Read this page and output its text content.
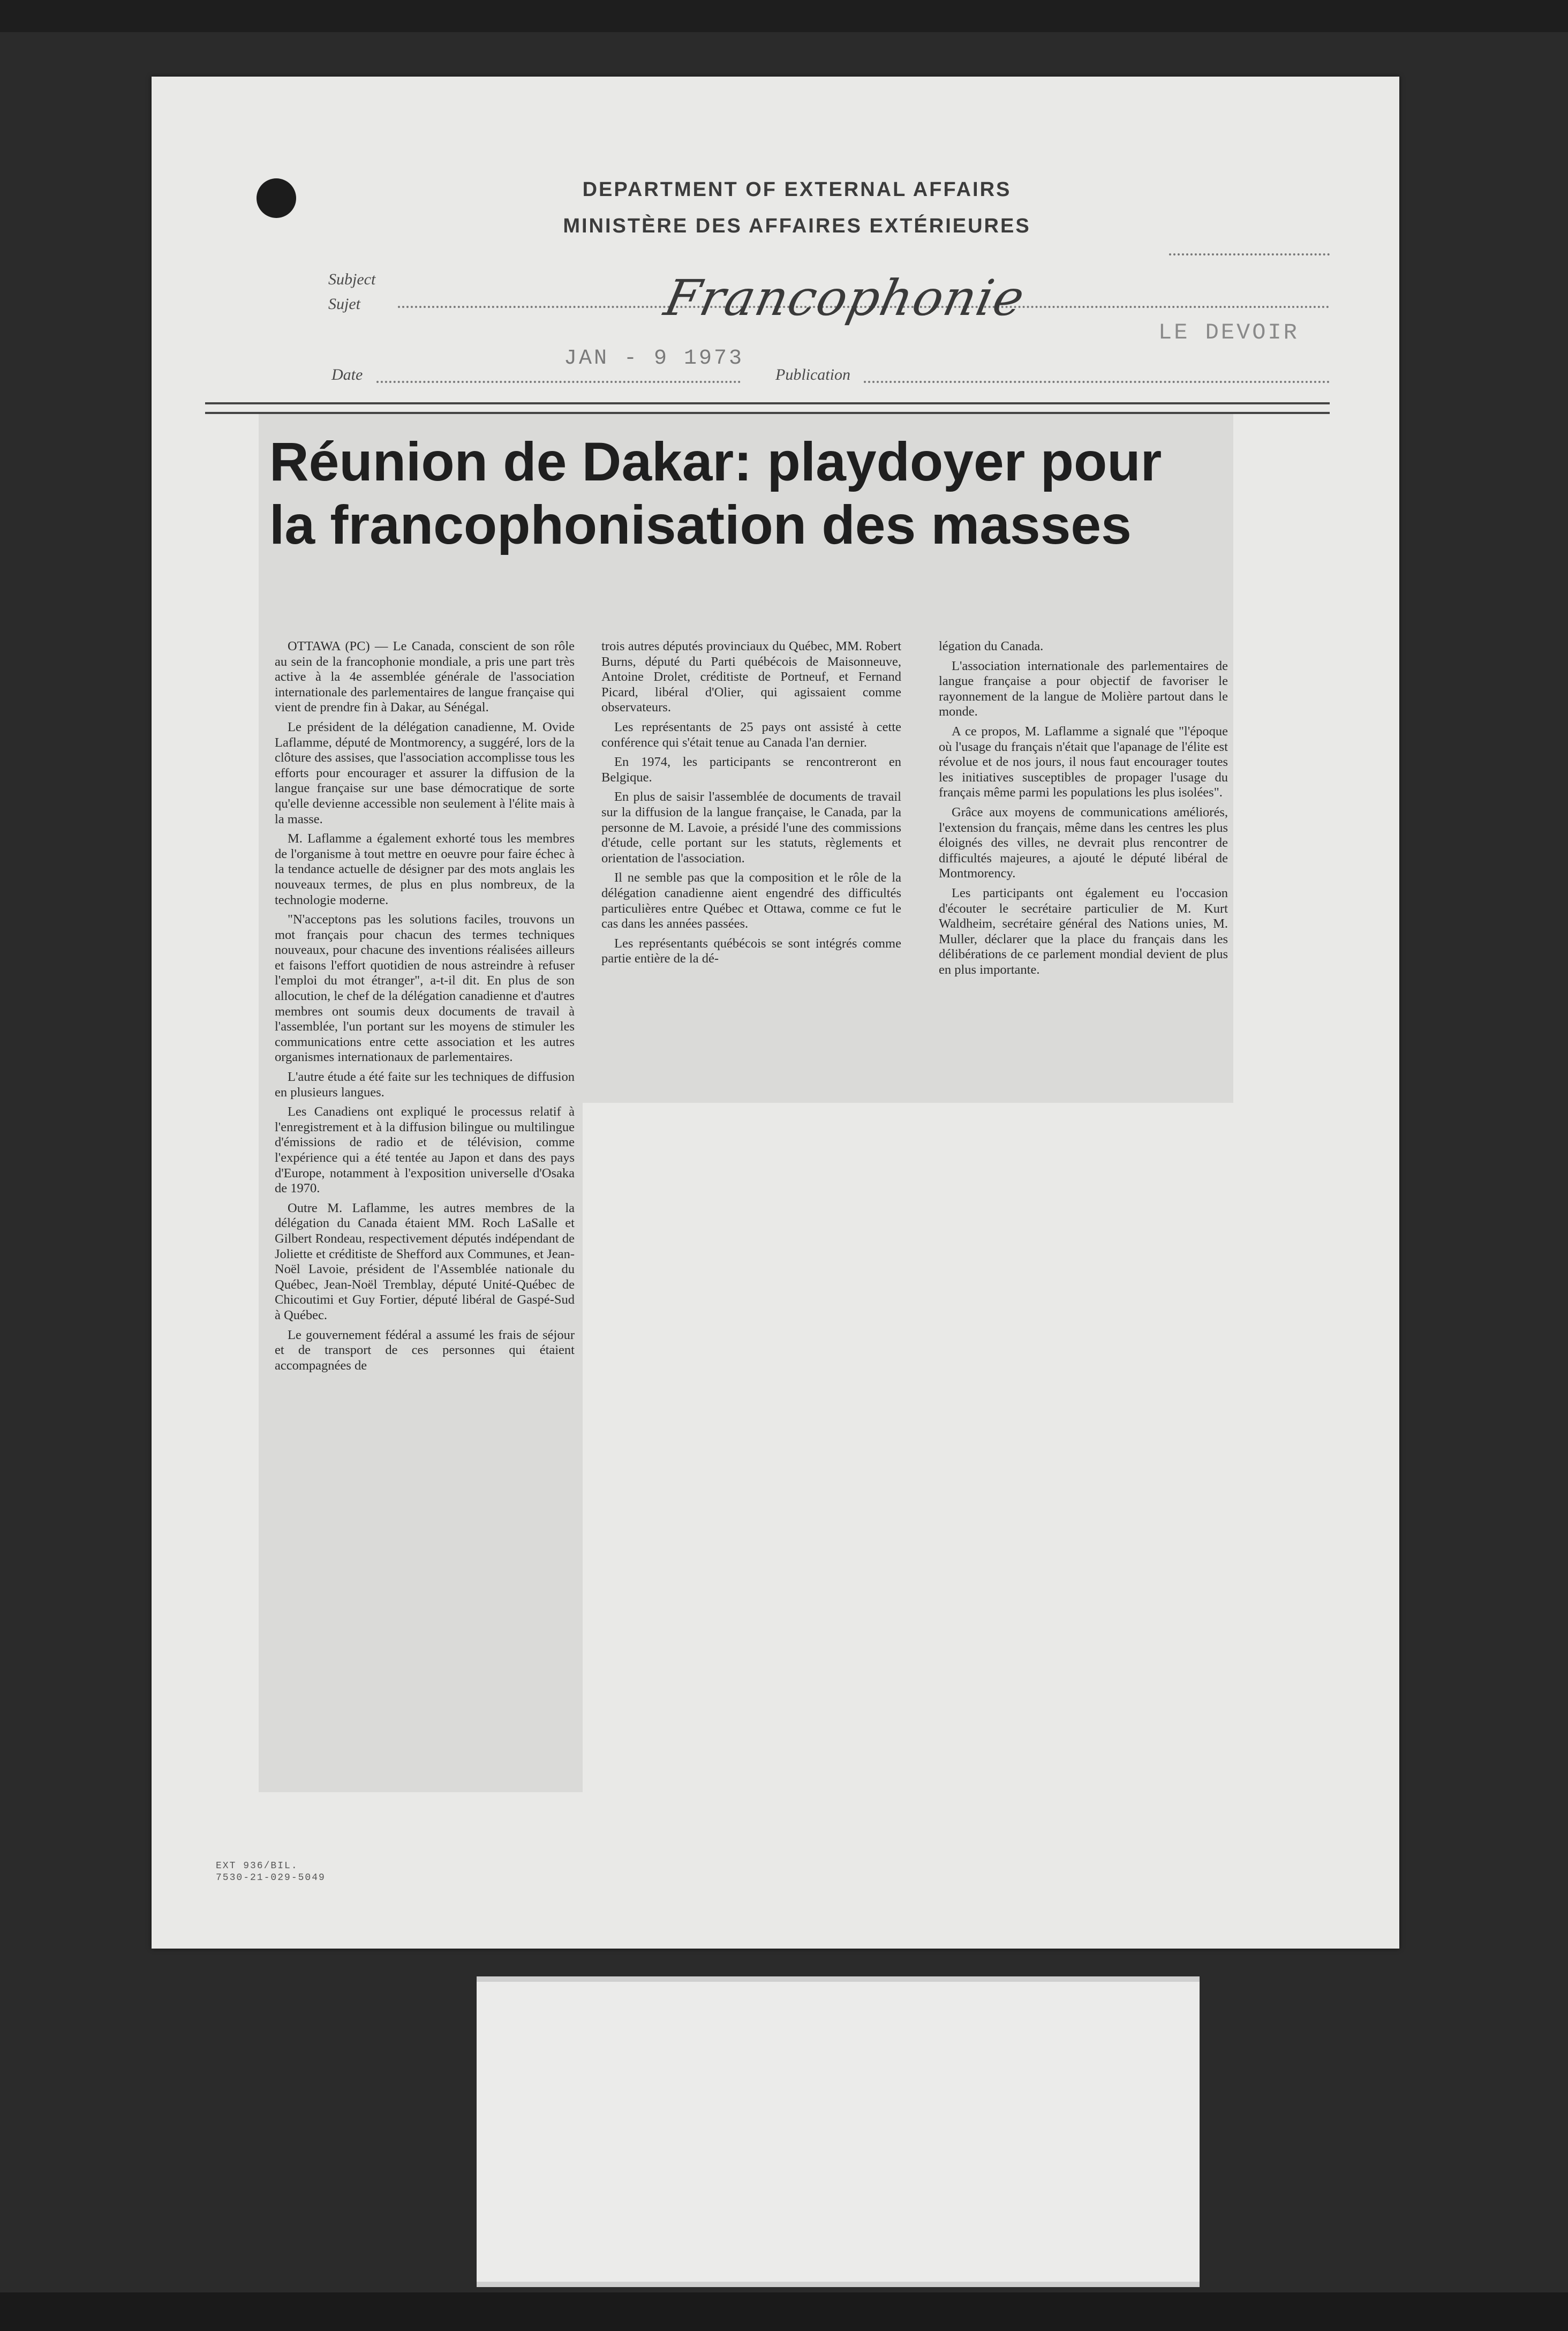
DEPARTMENT OF EXTERNAL AFFAIRS
MINISTÈRE DES AFFAIRES EXTÉRIEURES
Subject
Sujet	Francophonie
Date
JAN - 9 1973
Publication
LE DEVOIR
Réunion de Dakar: playdoyer pour
la francophonisation des masses

OTTAWA (PC) — Le Canada, conscient de son rôle au sein de la francophonie mondiale, a pris une part très active à la 4e assemblée générale de l'association internationale des parlementaires de langue française qui vient de prendre fin à Dakar, au Sénégal.

Le président de la délégation canadienne, M. Ovide Laflamme, député de Montmorency, a suggéré, lors de la clôture des assises, que l'association accomplisse tous les efforts pour encourager et assurer la diffusion de la langue française sur une base démocratique de sorte qu'elle devienne accessible non seulement à l'élite mais à la masse.

M. Laflamme a également exhorté tous les membres de l'organisme à tout mettre en oeuvre pour faire échec à la tendance actuelle de désigner par des mots anglais les nouveaux termes, de plus en plus nombreux, de la technologie moderne.

"N'acceptons pas les solutions faciles, trouvons un mot français pour chacun des termes techniques nouveaux, pour chacune des inventions réalisées ailleurs et faisons l'effort quotidien de nous astreindre à refuser l'emploi du mot étranger", a-t-il dit. En plus de son allocution, le chef de la délégation canadienne et d'autres membres ont soumis deux documents de travail à l'assemblée, l'un portant sur les moyens de stimuler les communications entre cette association et les autres organismes internationaux de parlementaires.

L'autre étude a été faite sur les techniques de diffusion en plusieurs langues.

Les Canadiens ont expliqué le processus relatif à l'enregistrement et à la diffusion bilingue ou multilingue d'émissions de radio et de télévision, comme l'expérience qui a été tentée au Japon et dans des pays d'Europe, notamment à l'exposition universelle d'Osaka de 1970.

Outre M. Laflamme, les autres membres de la délégation du Canada étaient MM. Roch LaSalle et Gilbert Rondeau, respectivement députés indépendant de Joliette et créditiste de Shefford aux Communes, et Jean-Noël Lavoie, président de l'Assemblée nationale du Québec, Jean-Noël Tremblay, député Unité-Québec de Chicoutimi et Guy Fortier, député libéral de Gaspé-Sud à Québec.

Le gouvernement fédéral a assumé les frais de séjour et de transport de ces personnes qui étaient accompagnées de

trois autres députés provinciaux du Québec, MM. Robert Burns, député du Parti québécois de Maisonneuve, Antoine Drolet, créditiste de Portneuf, et Fernand Picard, libéral d'Olier, qui agissaient comme observateurs.

Les représentants de 25 pays ont assisté à cette conférence qui s'était tenue au Canada l'an dernier.

En 1974, les participants se rencontreront en Belgique.

En plus de saisir l'assemblée de documents de travail sur la diffusion de la langue française, le Canada, par la personne de M. Lavoie, a présidé l'une des commissions d'étude, celle portant sur les statuts, règlements et orientation de l'association.

Il ne semble pas que la composition et le rôle de la délégation canadienne aient engendré des difficultés particulières entre Québec et Ottawa, comme ce fut le cas dans les années passées.

Les représentants québécois se sont intégrés comme partie entière de la dé-

légation du Canada.

L'association internationale des parlementaires de langue française a pour objectif de favoriser le rayonnement de la langue de Molière partout dans le monde.

A ce propos, M. Laflamme a signalé que "l'époque où l'usage du français n'était que l'apanage de l'élite est révolue et de nos jours, il nous faut encourager toutes les initiatives susceptibles de propager l'usage du français même parmi les populations les plus isolées".

Grâce aux moyens de communications améliorés, l'extension du français, même dans les centres les plus éloignés des villes, ne devrait plus rencontrer de difficultés majeures, a ajouté le député libéral de Montmorency.

Les participants ont également eu l'occasion d'écouter le secrétaire particulier de M. Kurt Waldheim, secrétaire général des Nations unies, M. Muller, déclarer que la place du français dans les délibérations de ce parlement mondial devient de plus en plus importante.

EXT 936/BIL.
7530-21-029-5049
